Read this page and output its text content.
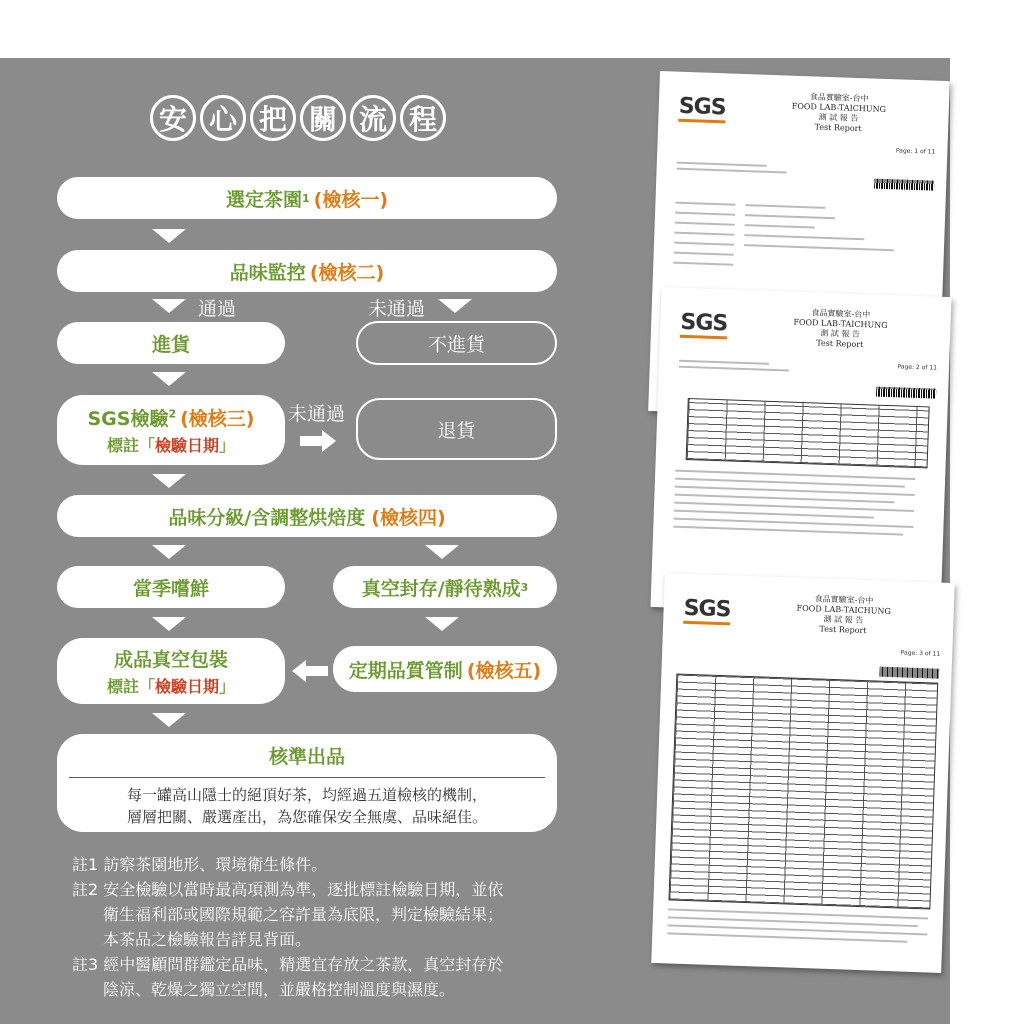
安 心 把 關 流 程
選定茶園 1 (檢核一)
品味監控 (檢核二)
通過	未通過
進貨	不進貨
SGS檢驗$^2$ (檢核三)
標註「檢驗日期」
未通過
退貨
品味分級/含調整烘焙度 (檢核四)
當季嚐鮮	真空封存/靜待熟成 3
成品真空包裝
標註「檢驗日期」
定期品質管制 (檢核五)
核準出品
每一罐高山隱士的絕頂好茶，均經過五道檢核的機制，
層層把關、嚴選產出，為您確保安全無虞、品味絕佳。
註1 訪察茶園地形、環境衛生條件。
註2 安全檢驗以當時最高項測為準，逐批標註檢驗日期，並依
衛生福利部或國際規範之容許量為底限，判定檢驗結果；
本茶品之檢驗報告詳見背面。
註3 經中醫顧問群鑑定品味，精選宜存放之茶款，真空封存於
陰涼、乾燥之獨立空間，並嚴格控制溫度與濕度。
SGS	食品實驗室-台中
FOOD LAB-TAICHUNG
測 試 報 告
Test Report
Page: 1 of 11
SGS	食品實驗室-台中
FOOD LAB-TAICHUNG
測 試 報 告
Test Report
Page: 2 of 11
SGS	食品實驗室-台中
FOOD LAB-TAICHUNG
測 試 報 告
Test Report
Page: 3 of 11
